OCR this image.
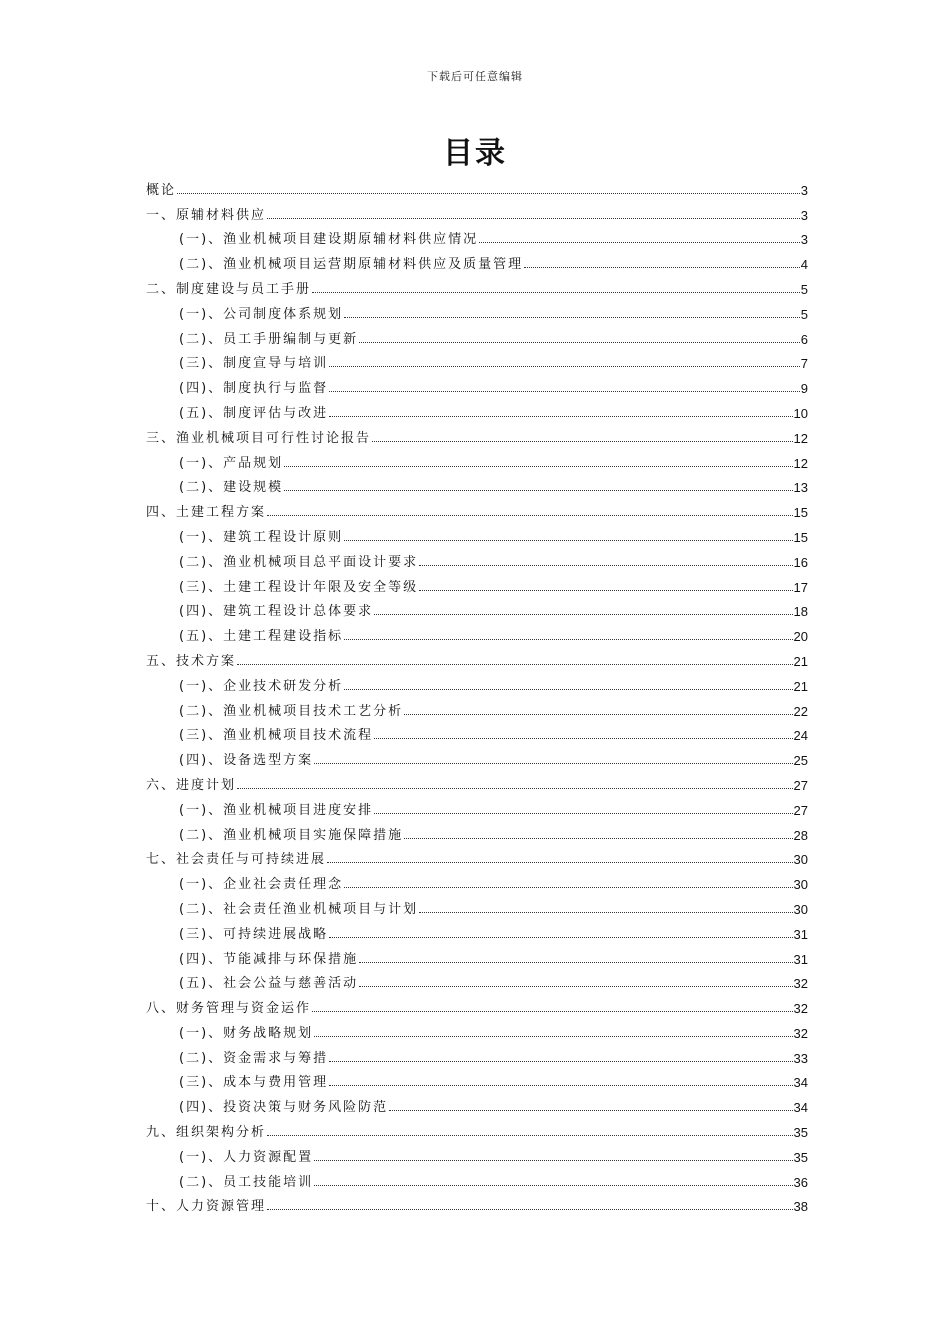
下载后可任意编辑
目录
概论	3
一、原辅材料供应	3
(一)、渔业机械项目建设期原辅材料供应情况	3
(二)、渔业机械项目运营期原辅材料供应及质量管理	4
二、制度建设与员工手册	5
(一)、公司制度体系规划	5
(二)、员工手册编制与更新	6
(三)、制度宣导与培训	7
(四)、制度执行与监督	9
(五)、制度评估与改进	10
三、渔业机械项目可行性讨论报告	12
(一)、产品规划	12
(二)、建设规模	13
四、土建工程方案	15
(一)、建筑工程设计原则	15
(二)、渔业机械项目总平面设计要求	16
(三)、土建工程设计年限及安全等级	17
(四)、建筑工程设计总体要求	18
(五)、土建工程建设指标	20
五、技术方案	21
(一)、企业技术研发分析	21
(二)、渔业机械项目技术工艺分析	22
(三)、渔业机械项目技术流程	24
(四)、设备选型方案	25
六、进度计划	27
(一)、渔业机械项目进度安排	27
(二)、渔业机械项目实施保障措施	28
七、社会责任与可持续进展	30
(一)、企业社会责任理念	30
(二)、社会责任渔业机械项目与计划	30
(三)、可持续进展战略	31
(四)、节能减排与环保措施	31
(五)、社会公益与慈善活动	32
八、财务管理与资金运作	32
(一)、财务战略规划	32
(二)、资金需求与筹措	33
(三)、成本与费用管理	34
(四)、投资决策与财务风险防范	34
九、组织架构分析	35
(一)、人力资源配置	35
(二)、员工技能培训	36
十、人力资源管理	38
